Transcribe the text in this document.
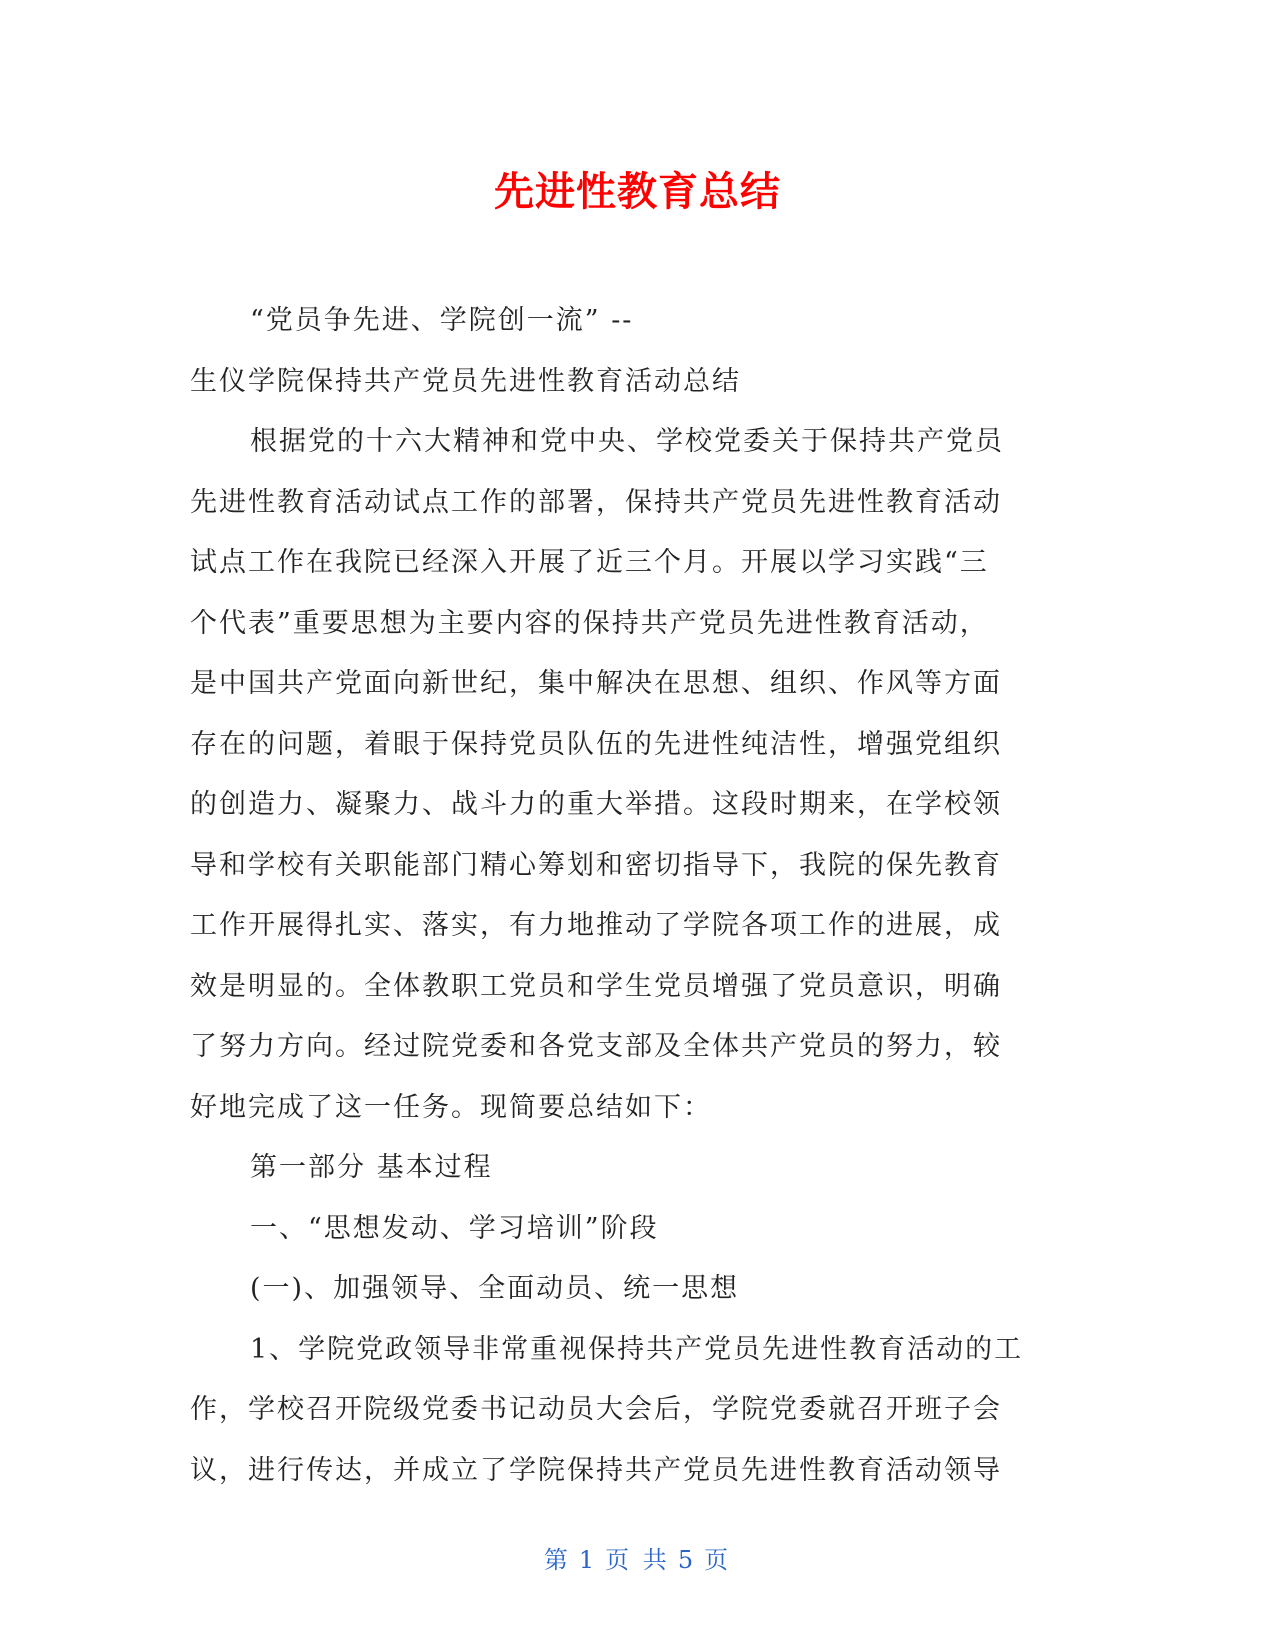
先进性教育总结

“党员争先进、学院创一流” --

生仪学院保持共产党员先进性教育活动总结

根据党的十六大精神和党中央、学校党委关于保持共产党员

先进性教育活动试点工作的部署，保持共产党员先进性教育活动

试点工作在我院已经深入开展了近三个月。开展以学习实践“三

个代表”重要思想为主要内容的保持共产党员先进性教育活动，

是中国共产党面向新世纪，集中解决在思想、组织、作风等方面

存在的问题，着眼于保持党员队伍的先进性纯洁性，增强党组织

的创造力、凝聚力、战斗力的重大举措。这段时期来，在学校领

导和学校有关职能部门精心筹划和密切指导下，我院的保先教育

工作开展得扎实、落实，有力地推动了学院各项工作的进展，成

效是明显的。全体教职工党员和学生党员增强了党员意识，明确

了努力方向。经过院党委和各党支部及全体共产党员的努力，较

好地完成了这一任务。现简要总结如下：

第一部分 基本过程

一、“思想发动、学习培训”阶段

(一)、加强领导、全面动员、统一思想

1、学院党政领导非常重视保持共产党员先进性教育活动的工

作，学校召开院级党委书记动员大会后，学院党委就召开班子会

议，进行传达，并成立了学院保持共产党员先进性教育活动领导

第 1 页 共 5 页
